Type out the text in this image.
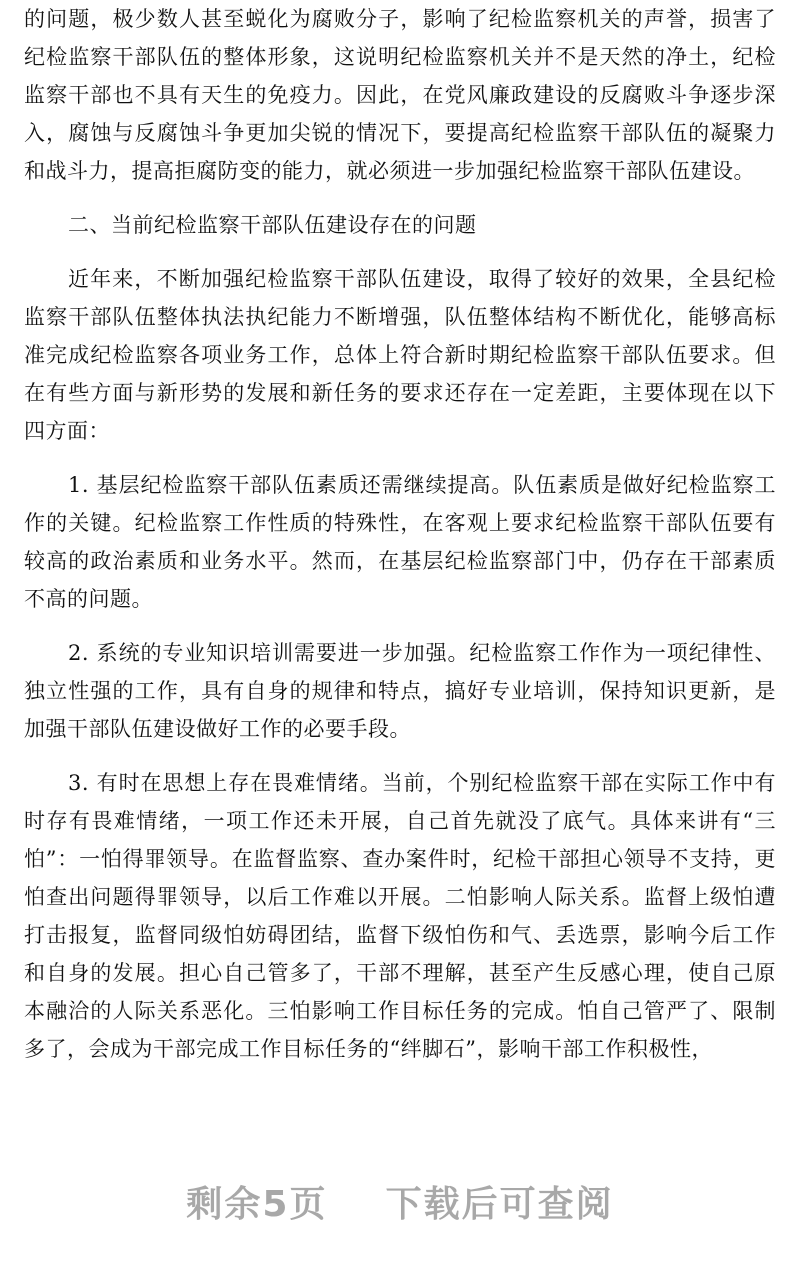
的问题，极少数人甚至蜕化为腐败分子，影响了纪检监察机关的声誉，损害了纪检监察干部队伍的整体形象，这说明纪检监察机关并不是天然的净土，纪检监察干部也不具有天生的免疫力。因此，在党风廉政建设的反腐败斗争逐步深入，腐蚀与反腐蚀斗争更加尖锐的情况下，要提高纪检监察干部队伍的凝聚力和战斗力，提高拒腐防变的能力，就必须进一步加强纪检监察干部队伍建设。

二、当前纪检监察干部队伍建设存在的问题

近年来，不断加强纪检监察干部队伍建设，取得了较好的效果，全县纪检监察干部队伍整体执法执纪能力不断增强，队伍整体结构不断优化，能够高标准完成纪检监察各项业务工作，总体上符合新时期纪检监察干部队伍要求。但在有些方面与新形势的发展和新任务的要求还存在一定差距，主要体现在以下四方面：

1. 基层纪检监察干部队伍素质还需继续提高。队伍素质是做好纪检监察工作的关键。纪检监察工作性质的特殊性，在客观上要求纪检监察干部队伍要有较高的政治素质和业务水平。然而，在基层纪检监察部门中，仍存在干部素质不高的问题。

2. 系统的专业知识培训需要进一步加强。纪检监察工作作为一项纪律性、独立性强的工作，具有自身的规律和特点，搞好专业培训，保持知识更新，是加强干部队伍建设做好工作的必要手段。

3. 有时在思想上存在畏难情绪。当前，个别纪检监察干部在实际工作中有时存有畏难情绪，一项工作还未开展，自己首先就没了底气。具体来讲有“三怕”：一怕得罪领导。在监督监察、查办案件时，纪检干部担心领导不支持，更怕查出问题得罪领导，以后工作难以开展。二怕影响人际关系。监督上级怕遭打击报复，监督同级怕妨碍团结，监督下级怕伤和气、丢选票，影响今后工作和自身的发展。担心自己管多了，干部不理解，甚至产生反感心理，使自己原本融洽的人际关系恶化。三怕影响工作目标任务的完成。怕自己管严了、限制多了，会成为干部完成工作目标任务的“绊脚石”，影响干部工作积极性，

剩余5页    下载后可查阅
